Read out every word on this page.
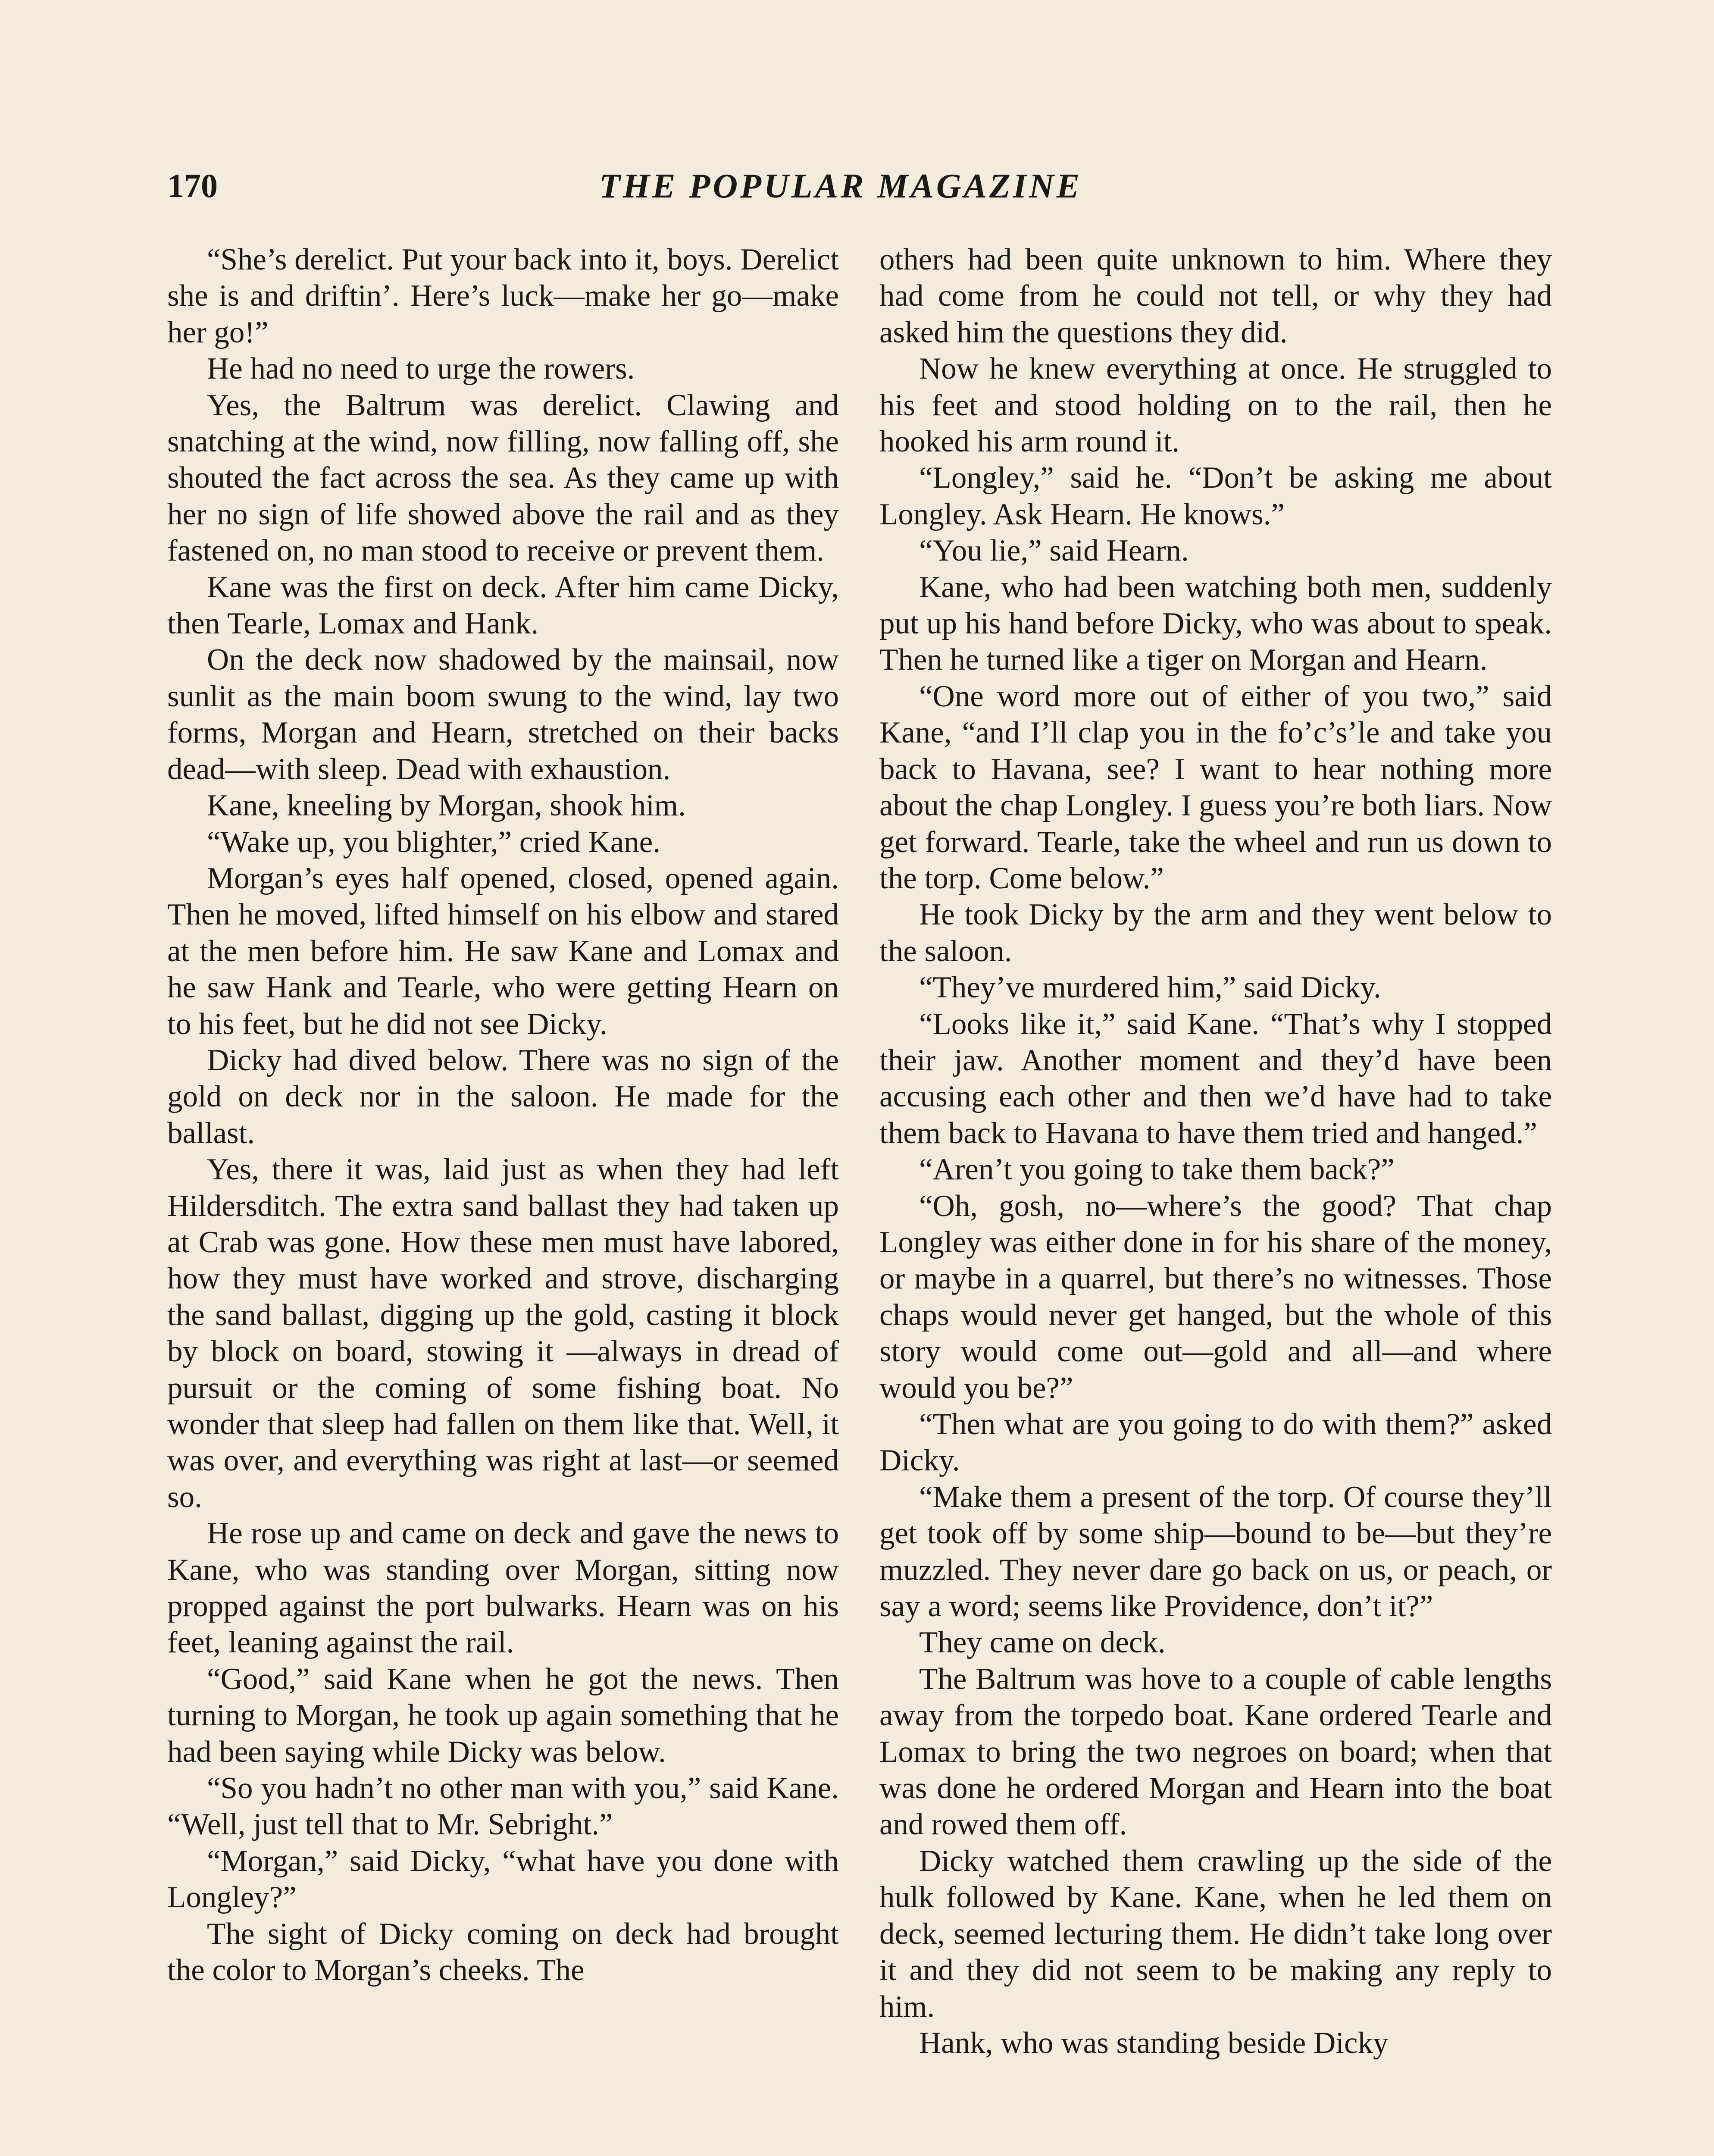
170	THE POPULAR MAGAZINE

“She’s derelict. Put your back into it, boys. Derelict she is and driftin’. Here’s luck—make her go—make her go!”

He had no need to urge the rowers.

Yes, the Baltrum was derelict. Clawing and snatching at the wind, now filling, now falling off, she shouted the fact across the sea. As they came up with her no sign of life showed above the rail and as they fastened on, no man stood to receive or prevent them.

Kane was the first on deck. After him came Dicky, then Tearle, Lomax and Hank.

On the deck now shadowed by the mainsail, now sunlit as the main boom swung to the wind, lay two forms, Morgan and Hearn, stretched on their backs dead—with sleep. Dead with exhaustion.

Kane, kneeling by Morgan, shook him.

“Wake up, you blighter,” cried Kane.

Morgan’s eyes half opened, closed, opened again. Then he moved, lifted himself on his elbow and stared at the men before him. He saw Kane and Lomax and he saw Hank and Tearle, who were getting Hearn on to his feet, but he did not see Dicky.

Dicky had dived below. There was no sign of the gold on deck nor in the saloon. He made for the ballast.

Yes, there it was, laid just as when they had left Hildersditch. The extra sand ballast they had taken up at Crab was gone. How these men must have labored, how they must have worked and strove, discharging the sand ballast, digging up the gold, casting it block by block on board, stowing it —always in dread of pursuit or the coming of some fishing boat. No wonder that sleep had fallen on them like that. Well, it was over, and everything was right at last—or seemed so.

He rose up and came on deck and gave the news to Kane, who was standing over Morgan, sitting now propped against the port bulwarks. Hearn was on his feet, leaning against the rail.

“Good,” said Kane when he got the news. Then turning to Morgan, he took up again something that he had been saying while Dicky was below.

“So you hadn’t no other man with you,” said Kane. “Well, just tell that to Mr. Sebright.”

“Morgan,” said Dicky, “what have you done with Longley?”

The sight of Dicky coming on deck had brought the color to Morgan’s cheeks. The

others had been quite unknown to him. Where they had come from he could not tell, or why they had asked him the questions they did.

Now he knew everything at once. He struggled to his feet and stood holding on to the rail, then he hooked his arm round it.

“Longley,” said he. “Don’t be asking me about Longley. Ask Hearn. He knows.”

“You lie,” said Hearn.

Kane, who had been watching both men, suddenly put up his hand before Dicky, who was about to speak. Then he turned like a tiger on Morgan and Hearn.

“One word more out of either of you two,” said Kane, “and I’ll clap you in the fo’c’s’le and take you back to Havana, see? I want to hear nothing more about the chap Longley. I guess you’re both liars. Now get forward. Tearle, take the wheel and run us down to the torp. Come below.”

He took Dicky by the arm and they went below to the saloon.

“They’ve murdered him,” said Dicky.

“Looks like it,” said Kane. “That’s why I stopped their jaw. Another moment and they’d have been accusing each other and then we’d have had to take them back to Havana to have them tried and hanged.”

“Aren’t you going to take them back?”

“Oh, gosh, no—where’s the good? That chap Longley was either done in for his share of the money, or maybe in a quarrel, but there’s no witnesses. Those chaps would never get hanged, but the whole of this story would come out—gold and all—and where would you be?”

“Then what are you going to do with them?” asked Dicky.

“Make them a present of the torp. Of course they’ll get took off by some ship—bound to be—but they’re muzzled. They never dare go back on us, or peach, or say a word; seems like Providence, don’t it?”

They came on deck.

The Baltrum was hove to a couple of cable lengths away from the torpedo boat. Kane ordered Tearle and Lomax to bring the two negroes on board; when that was done he ordered Morgan and Hearn into the boat and rowed them off.

Dicky watched them crawling up the side of the hulk followed by Kane. Kane, when he led them on deck, seemed lecturing them. He didn’t take long over it and they did not seem to be making any reply to him.

Hank, who was standing beside Dicky
